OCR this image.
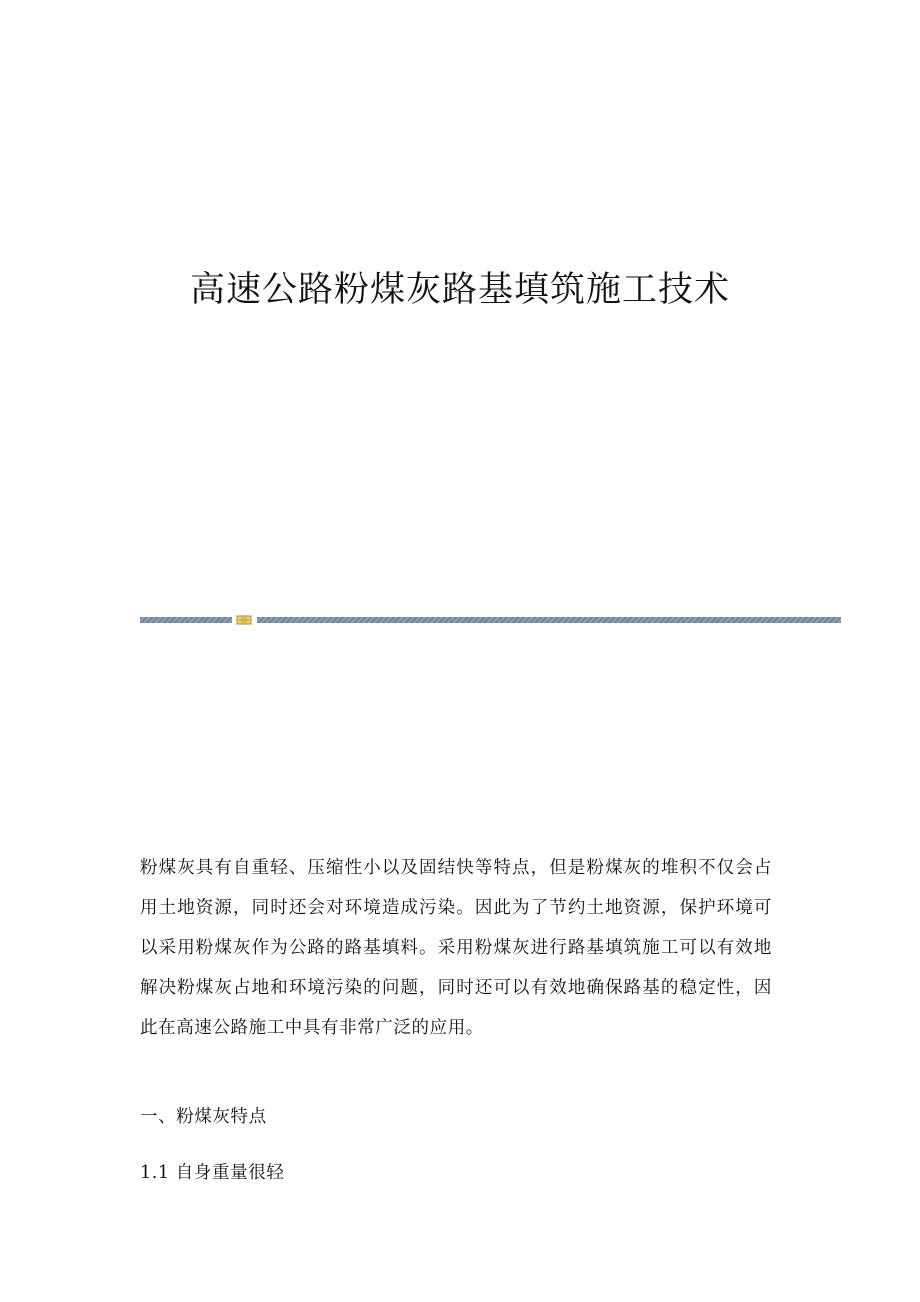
高速公路粉煤灰路基填筑施工技术

粉煤灰具有自重轻、压缩性小以及固结快等特点，但是粉煤灰的堆积不仅会占用土地资源，同时还会对环境造成污染。因此为了节约土地资源，保护环境可以采用粉煤灰作为公路的路基填料。采用粉煤灰进行路基填筑施工可以有效地解决粉煤灰占地和环境污染的问题，同时还可以有效地确保路基的稳定性，因此在高速公路施工中具有非常广泛的应用。

一、粉煤灰特点

1.1 自身重量很轻
